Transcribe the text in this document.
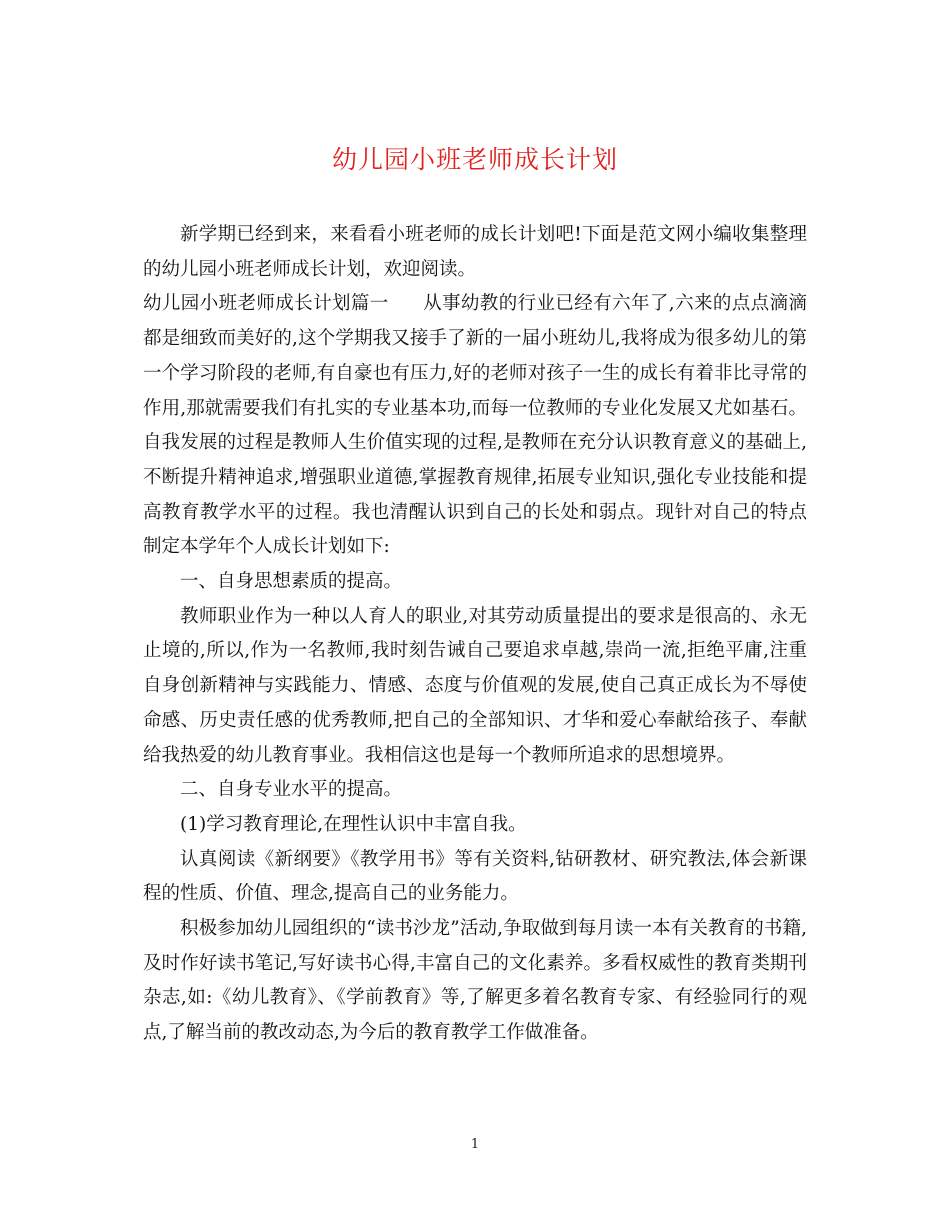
幼儿园小班老师成长计划

新学期已经到来，来看看小班老师的成长计划吧!下面是范文网小编收集整理的幼儿园小班老师成长计划，欢迎阅读。

幼儿园小班老师成长计划篇一 从事幼教的行业已经有六年了,六来的点点滴滴都是细致而美好的,这个学期我又接手了新的一届小班幼儿,我将成为很多幼儿的第一个学习阶段的老师,有自豪也有压力,好的老师对孩子一生的成长有着非比寻常的作用,那就需要我们有扎实的专业基本功,而每一位教师的专业化发展又尤如基石。自我发展的过程是教师人生价值实现的过程,是教师在充分认识教育意义的基础上,不断提升精神追求,增强职业道德,掌握教育规律,拓展专业知识,强化专业技能和提高教育教学水平的过程。我也清醒认识到自己的长处和弱点。现针对自己的特点制定本学年个人成长计划如下:

一、自身思想素质的提高。

教师职业作为一种以人育人的职业,对其劳动质量提出的要求是很高的、永无止境的,所以,作为一名教师,我时刻告诫自己要追求卓越,崇尚一流,拒绝平庸,注重自身创新精神与实践能力、情感、态度与价值观的发展,使自己真正成长为不辱使命感、历史责任感的优秀教师,把自己的全部知识、才华和爱心奉献给孩子、奉献给我热爱的幼儿教育事业。我相信这也是每一个教师所追求的思想境界。

二、自身专业水平的提高。

(1)学习教育理论,在理性认识中丰富自我。

认真阅读《新纲要》《教学用书》等有关资料,钻研教材、研究教法,体会新课程的性质、价值、理念,提高自己的业务能力。

积极参加幼儿园组织的“读书沙龙”活动,争取做到每月读一本有关教育的书籍,及时作好读书笔记,写好读书心得,丰富自己的文化素养。多看权威性的教育类期刊杂志,如:《幼儿教育》、《学前教育》等,了解更多着名教育专家、有经验同行的观点,了解当前的教改动态,为今后的教育教学工作做准备。

1
